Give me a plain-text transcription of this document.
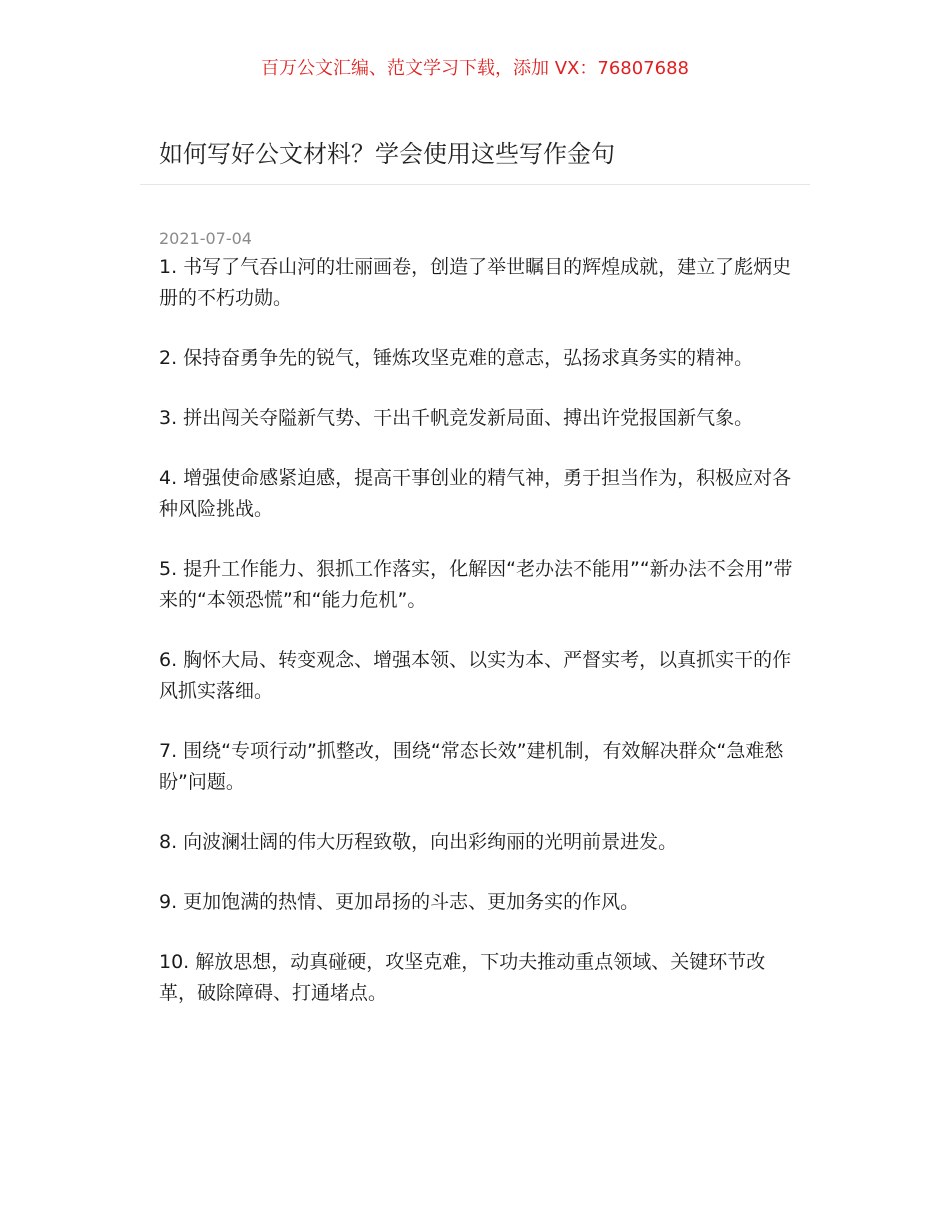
百万公文汇编、范文学习下载，添加 VX：76807688
如何写好公文材料？学会使用这些写作金句
2021-07-04

1. 书写了气吞山河的壮丽画卷，创造了举世瞩目的辉煌成就，建立了彪炳史册的不朽功勋。

2. 保持奋勇争先的锐气，锤炼攻坚克难的意志，弘扬求真务实的精神。

3. 拼出闯关夺隘新气势、干出千帆竞发新局面、搏出许党报国新气象。

4. 增强使命感紧迫感，提高干事创业的精气神，勇于担当作为，积极应对各种风险挑战。

5. 提升工作能力、狠抓工作落实，化解因“老办法不能用”“新办法不会用”带来的“本领恐慌”和“能力危机”。

6. 胸怀大局、转变观念、增强本领、以实为本、严督实考，以真抓实干的作风抓实落细。

7. 围绕“专项行动”抓整改，围绕“常态长效”建机制，有效解决群众“急难愁盼”问题。

8. 向波澜壮阔的伟大历程致敬，向出彩绚丽的光明前景进发。

9. 更加饱满的热情、更加昂扬的斗志、更加务实的作风。

10. 解放思想，动真碰硬，攻坚克难，下功夫推动重点领域、关键环节改革，破除障碍、打通堵点。
